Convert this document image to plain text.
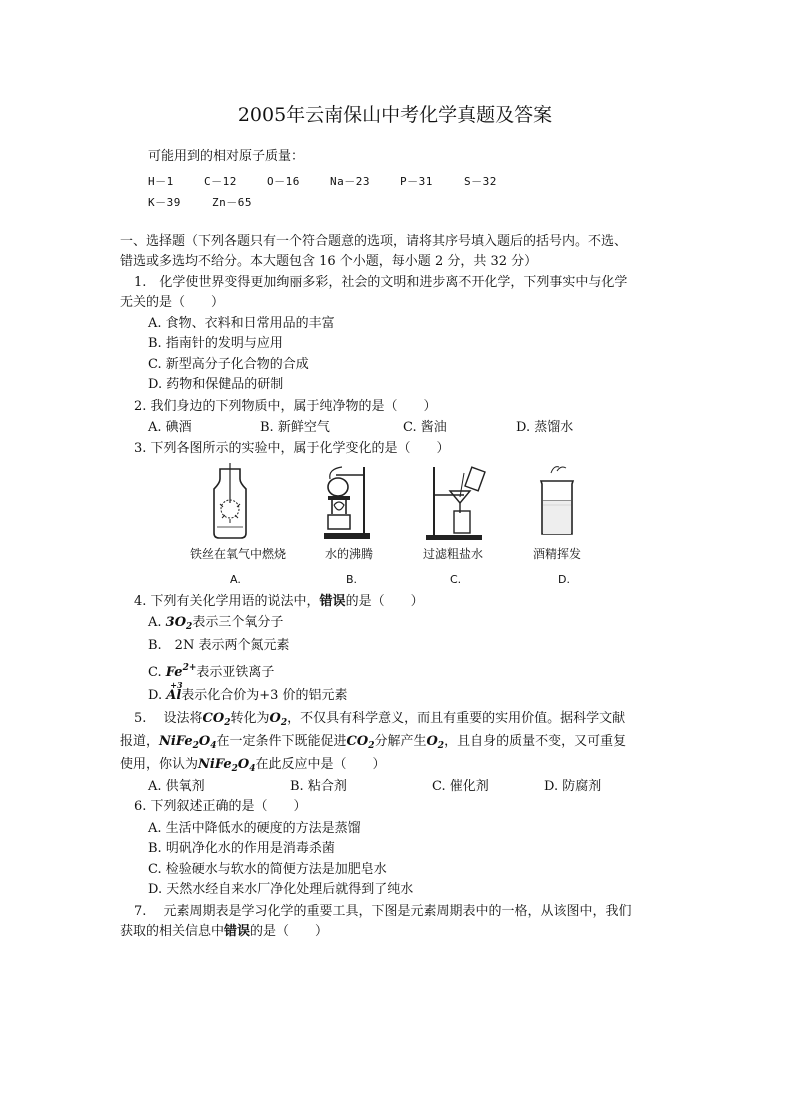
2005年云南保山中考化学真题及答案
可能用到的相对原子质量：
H－1	C－12	O－16	Na－23	P－31	S－32
K－39	Zn－65
一、选择题（下列各题只有一个符合题意的选项，请将其序号填入题后的括号内。不选、
错选或多选均不给分。本大题包含 16 个小题，每小题 2 分，共 32 分）
1.　化学使世界变得更加绚丽多彩，社会的文明和进步离不开化学，下列事实中与化学
无关的是（　　）
A. 食物、衣料和日常用品的丰富
B. 指南针的发明与应用
C. 新型高分子化合物的合成
D. 药物和保健品的研制
2. 我们身边的下列物质中，属于纯净物的是（　　）
A. 碘酒	B. 新鲜空气	C. 酱油	D. 蒸馏水
3. 下列各图所示的实验中，属于化学变化的是（　　）
铁丝在氧气中燃烧	水的沸腾	过滤粗盐水	酒精挥发
A.	B.	C.	D.
4. 下列有关化学用语的说法中，错误的是（　　）
A. $3O_2$表示三个氧分子
B.　2N 表示两个氮元素
C. $Fe^{2+}$表示亚铁离子
D.
+3
Al表示化合价为+3 价的铝元素
5.　 设法将$CO_2$转化为$O_2$，不仅具有科学意义，而且有重要的实用价值。据科学文献
报道，$NiFe_2O_4$在一定条件下既能促进$CO_2$分解产生$O_2$，且自身的质量不变，又可重复
使用，你认为$NiFe_2O_4$在此反应中是（　　）
A. 供氧剂	B. 粘合剂	C. 催化剂	D. 防腐剂
6. 下列叙述正确的是（　　）
A. 生活中降低水的硬度的方法是蒸馏
B. 明矾净化水的作用是消毒杀菌
C. 检验硬水与软水的简便方法是加肥皂水
D. 天然水经自来水厂净化处理后就得到了纯水
7.　 元素周期表是学习化学的重要工具，下图是元素周期表中的一格，从该图中，我们
获取的相关信息中错误的是（　　）
